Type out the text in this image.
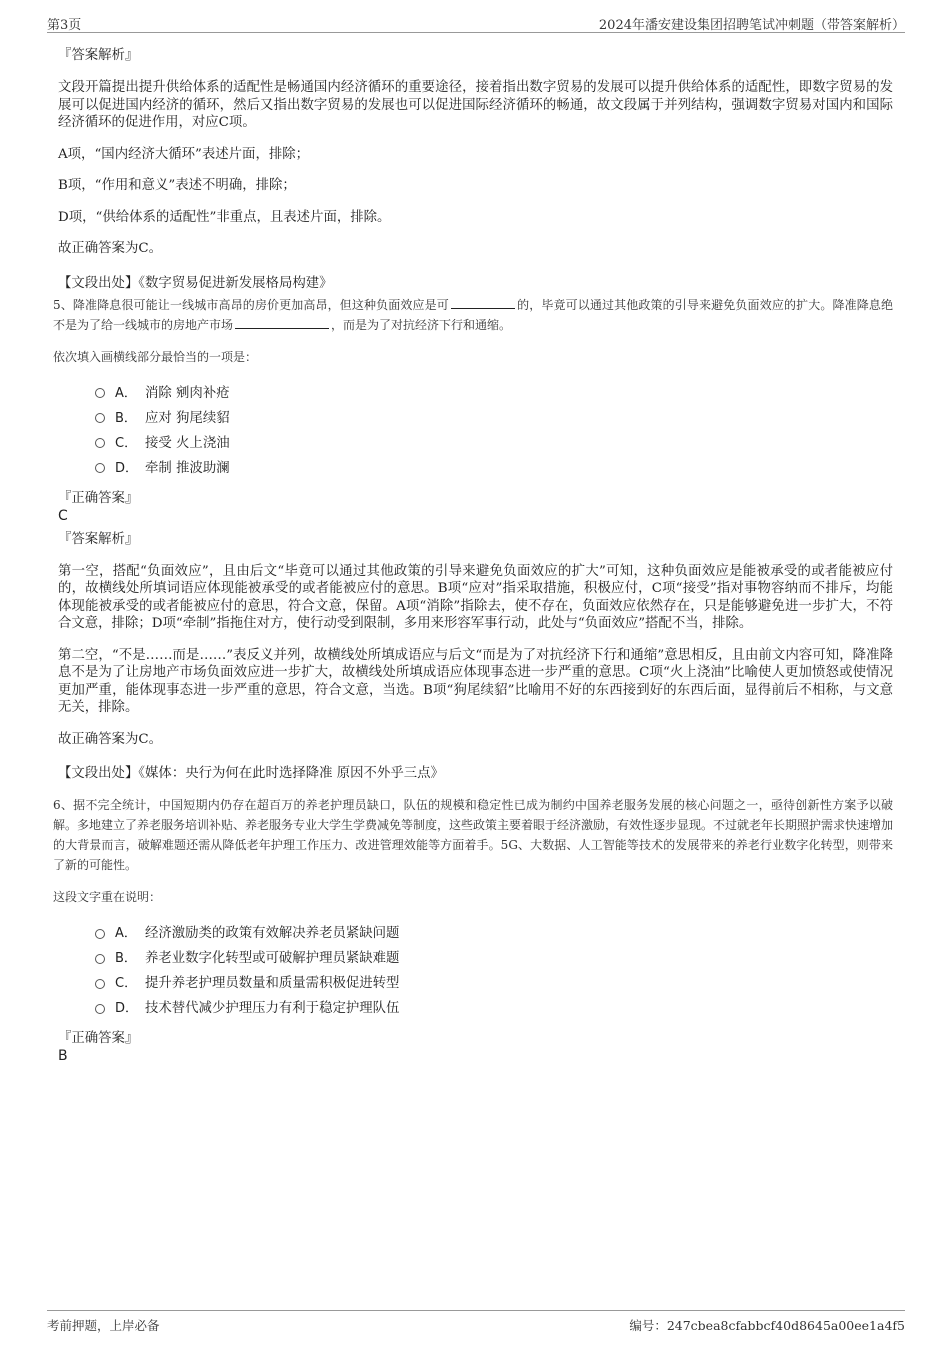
第3页	2024年潘安建设集团招聘笔试冲刺题（带答案解析）
『答案解析』

文段开篇提出提升供给体系的适配性是畅通国内经济循环的重要途径，接着指出数字贸易的发展可以提升供给体系的适配性，即数字贸易的发展可以促进国内经济的循环，然后又指出数字贸易的发展也可以促进国际经济循环的畅通，故文段属于并列结构，强调数字贸易对国内和国际经济循环的促进作用，对应C项。

A项，“国内经济大循环”表述片面，排除；

B项，“作用和意义”表述不明确，排除；

D项，“供给体系的适配性”非重点，且表述片面，排除。

故正确答案为C。

【文段出处】《数字贸易促进新发展格局构建》

5、降准降息很可能让一线城市高昂的房价更加高昂，但这种负面效应是可	的，毕竟可以通过其他政策的引导来避免负面效应的扩大。降准降息绝不是为了给一线城市的房地产市场	，而是为了对抗经济下行和通缩。

依次填入画横线部分最恰当的一项是：

A． 消除 剜肉补疮
B． 应对 狗尾续貂
C． 接受 火上浇油
D． 牵制 推波助澜
『正确答案』
C
『答案解析』

第一空，搭配“负面效应”，且由后文“毕竟可以通过其他政策的引导来避免负面效应的扩大”可知，这种负面效应是能被承受的或者能被应付的，故横线处所填词语应体现能被承受的或者能被应付的意思。B项“应对”指采取措施，积极应付，C项“接受”指对事物容纳而不排斥，均能体现能被承受的或者能被应付的意思，符合文意，保留。A项“消除”指除去，使不存在，负面效应依然存在，只是能够避免进一步扩大，不符合文意，排除；D项“牵制”指拖住对方，使行动受到限制，多用来形容军事行动，此处与“负面效应”搭配不当，排除。

第二空，“不是……而是……”表反义并列，故横线处所填成语应与后文“而是为了对抗经济下行和通缩”意思相反，且由前文内容可知，降准降息不是为了让房地产市场负面效应进一步扩大，故横线处所填成语应体现事态进一步严重的意思。C项“火上浇油”比喻使人更加愤怒或使情况更加严重，能体现事态进一步严重的意思，符合文意，当选。B项“狗尾续貂”比喻用不好的东西接到好的东西后面，显得前后不相称，与文意无关，排除。

故正确答案为C。

【文段出处】《媒体：央行为何在此时选择降准 原因不外乎三点》

6、据不完全统计，中国短期内仍存在超百万的养老护理员缺口，队伍的规模和稳定性已成为制约中国养老服务发展的核心问题之一，亟待创新性方案予以破解。多地建立了养老服务培训补贴、养老服务专业大学生学费减免等制度，这些政策主要着眼于经济激励，有效性逐步显现。不过就老年长期照护需求快速增加的大背景而言，破解难题还需从降低老年护理工作压力、改进管理效能等方面着手。5G、大数据、人工智能等技术的发展带来的养老行业数字化转型，则带来了新的可能性。

这段文字重在说明：

A． 经济激励类的政策有效解决养老员紧缺问题
B． 养老业数字化转型或可破解护理员紧缺难题
C． 提升养老护理员数量和质量需积极促进转型
D． 技术替代减少护理压力有利于稳定护理队伍
『正确答案』
B
考前押题，上岸必备	编号：247cbea8cfabbcf40d8645a00ee1a4f5
